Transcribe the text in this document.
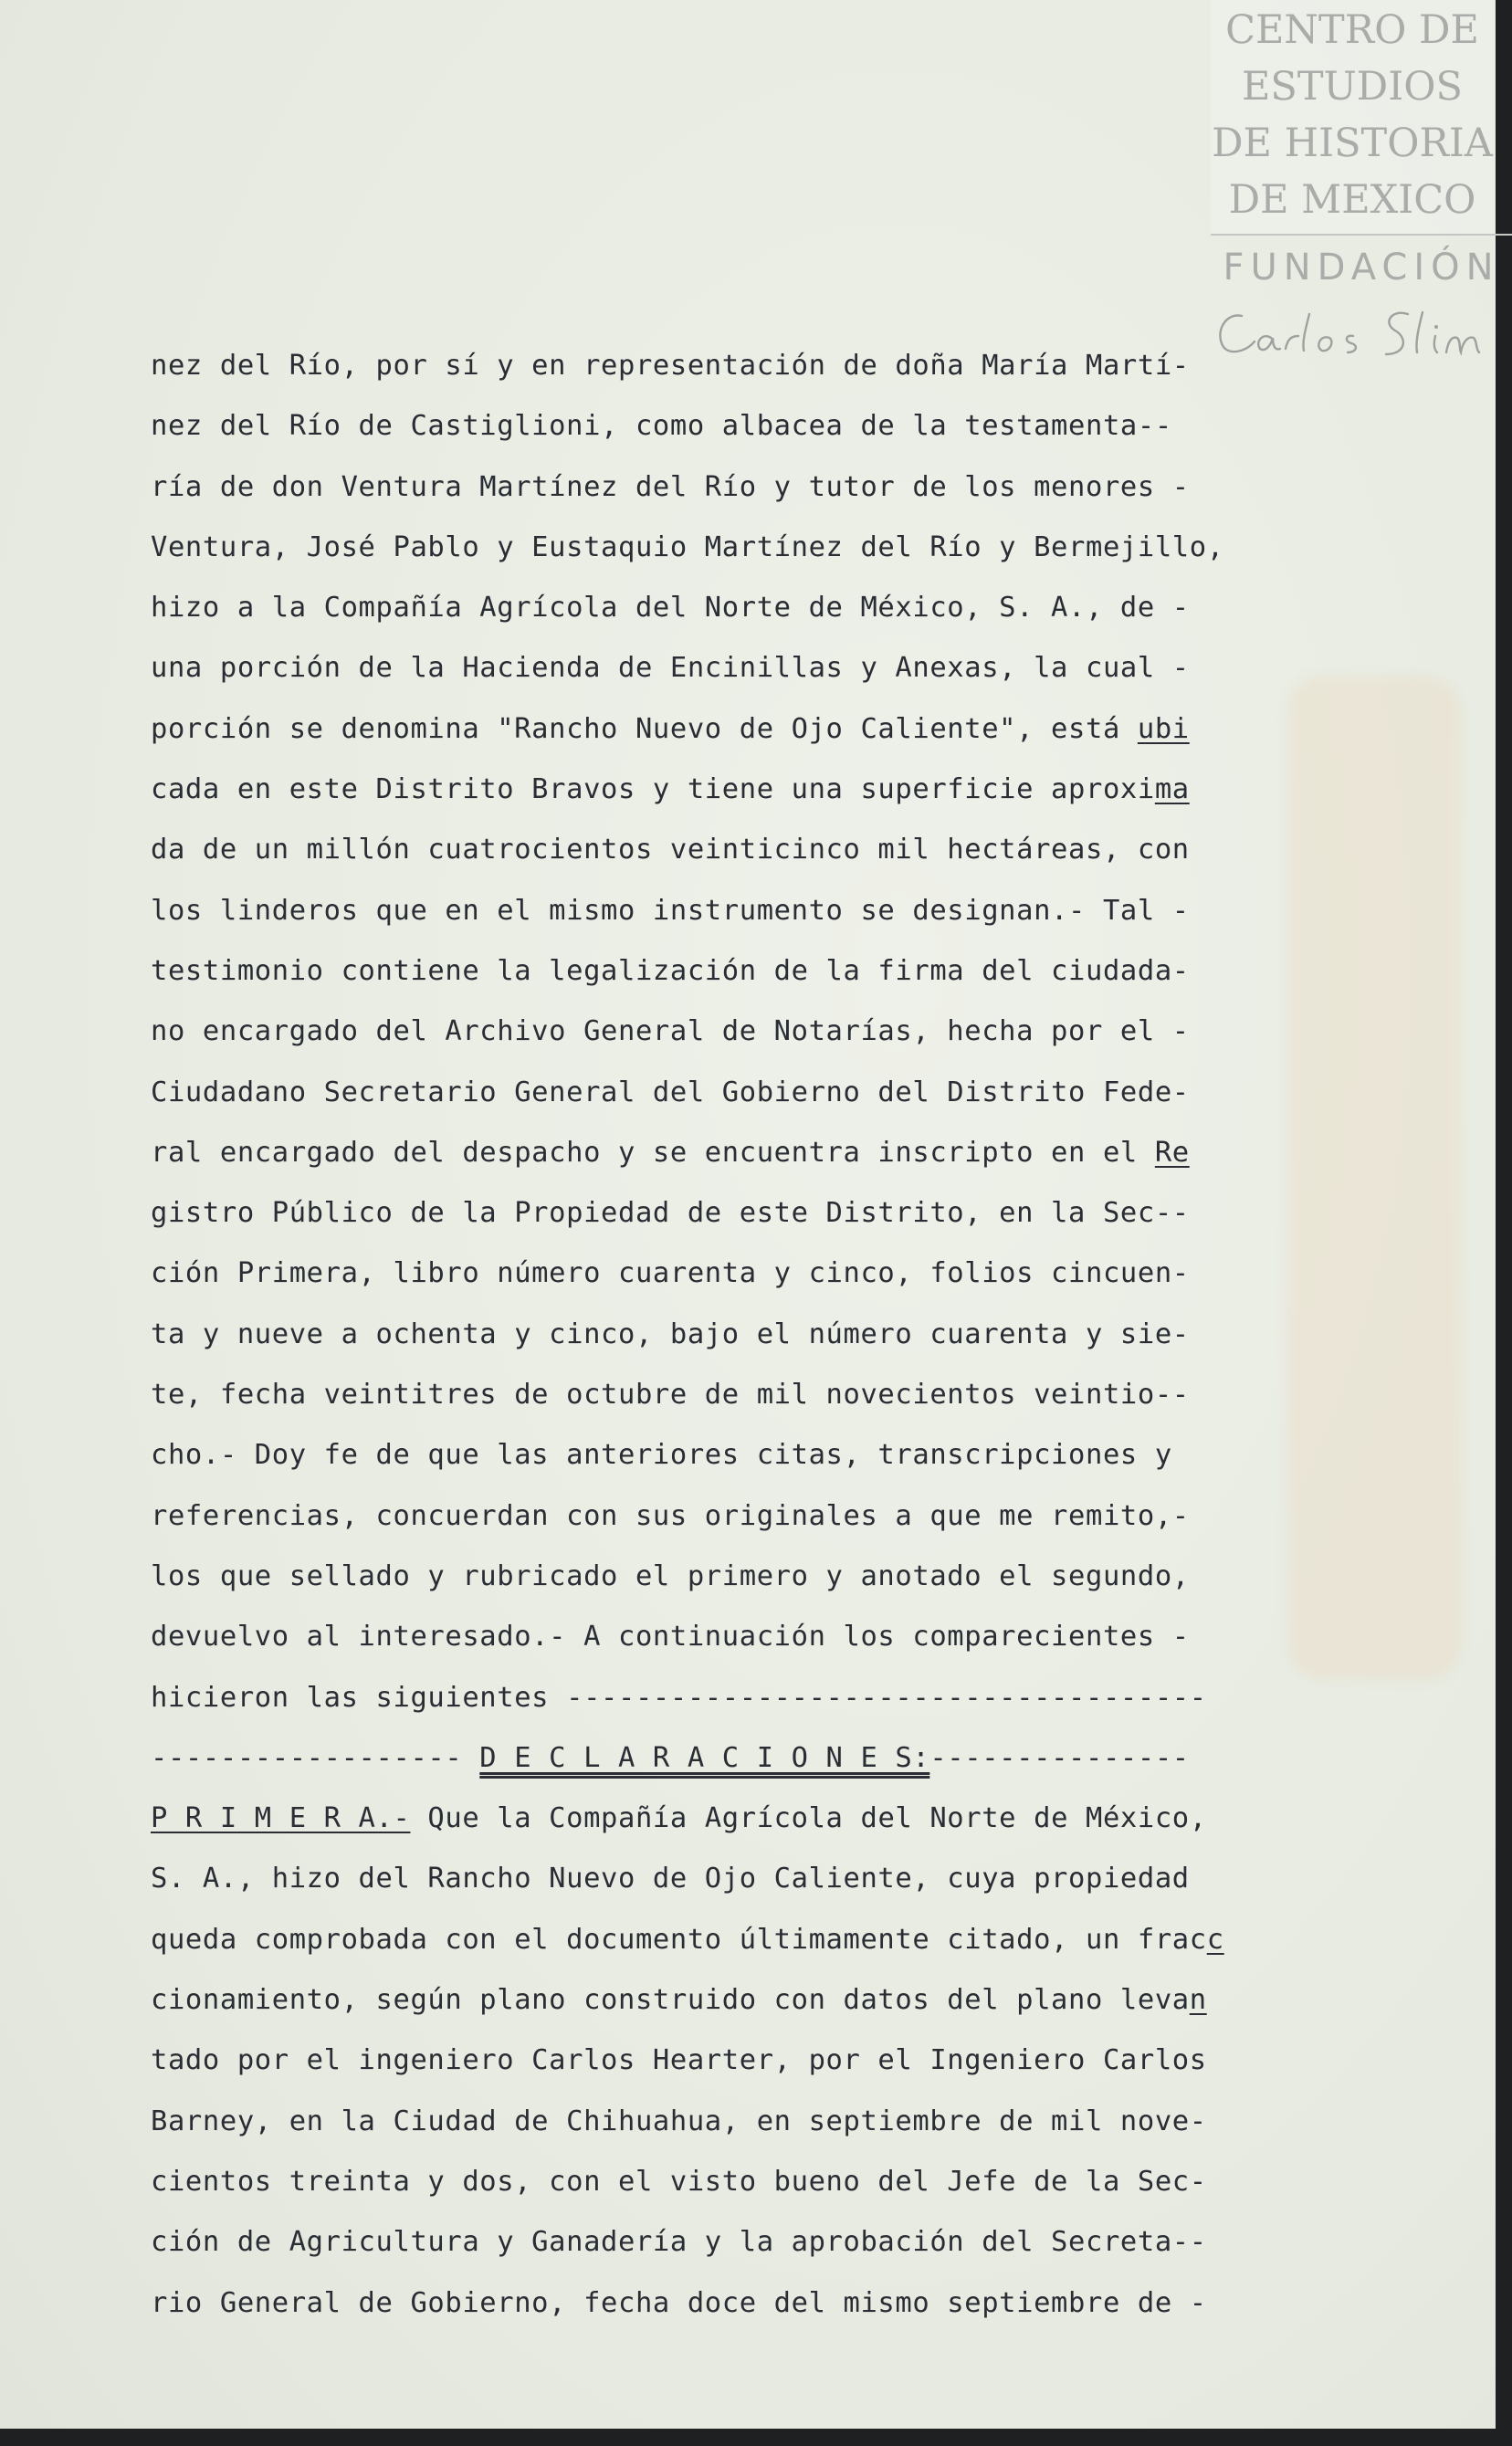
CENTRO DE
ESTUDIOS
DE HISTORIA
DE MEXICO
FUNDACIÓN
nez del Río, por sí y en representación de doña María Martí-
nez del Río de Castiglioni, como albacea de la testamenta--
ría de don Ventura Martínez del Río y tutor de los menores -
Ventura, José Pablo y Eustaquio Martínez del Río y Bermejillo,
hizo a la Compañía Agrícola del Norte de México, S. A., de -
una porción de la Hacienda de Encinillas y Anexas, la cual -
porción se denomina "Rancho Nuevo de Ojo Caliente", está ubi
cada en este Distrito Bravos y tiene una superficie aproxima
da de un millón cuatrocientos veinticinco mil hectáreas, con
los linderos que en el mismo instrumento se designan.- Tal -
testimonio contiene la legalización de la firma del ciudada-
no encargado del Archivo General de Notarías, hecha por el -
Ciudadano Secretario General del Gobierno del Distrito Fede-
ral encargado del despacho y se encuentra inscripto en el Re
gistro Público de la Propiedad de este Distrito, en la Sec--
ción Primera, libro número cuarenta y cinco, folios cincuen-
ta y nueve a ochenta y cinco, bajo el número cuarenta y sie-
te, fecha veintitres de octubre de mil novecientos veintio--
cho.- Doy fe de que las anteriores citas, transcripciones y
referencias, concuerdan con sus originales a que me remito,-
los que sellado y rubricado el primero y anotado el segundo,
devuelvo al interesado.- A continuación los comparecientes -
hicieron las siguientes -------------------------------------
------------------ D E C L A R A C I O N E S:---------------
P R I M E R A.- Que la Compañía Agrícola del Norte de México,
S. A., hizo del Rancho Nuevo de Ojo Caliente, cuya propiedad
queda comprobada con el documento últimamente citado, un fracc
cionamiento, según plano construido con datos del plano levan
tado por el ingeniero Carlos Hearter, por el Ingeniero Carlos
Barney, en la Ciudad de Chihuahua, en septiembre de mil nove-
cientos treinta y dos, con el visto bueno del Jefe de la Sec-
ción de Agricultura y Ganadería y la aprobación del Secreta--
rio General de Gobierno, fecha doce del mismo septiembre de -
